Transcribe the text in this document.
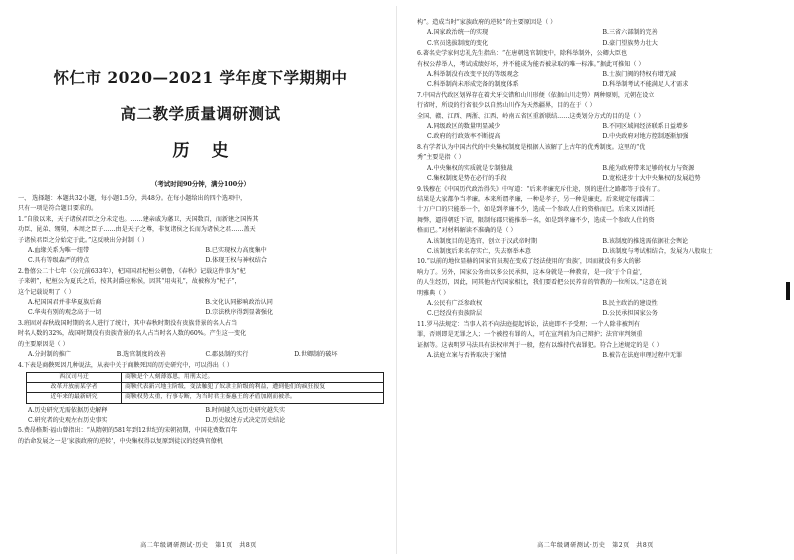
怀仁市 2020—2021 学年度下学期期中
高二教学质量调研测试
历史
（考试时间90分钟，满分100分）

一、 选择题：本题共32小题，每小题1.5分，共48分。在每小题给出的四个选项中，

只有一项是符合题目要求的。

1.“自殷以来，天子诸侯君臣之分未定也。……建亲戚为藩卫，天国数百，而新建之国皆其

功臣、昆弟、甥舅，本周之臣子……由是天子之尊，非复诸侯之长而为诸侯之君……盖天

子诸侯君臣之分始定于此。”这反映出分封制（ ）

A.血缘关系为唯一纽带	B.已实现权力高度集中
C.具有等级森严的特点	D.体现王权与神权结合

2.鲁僖公二十七年（公元前633年），杞国国君杞桓公朝鲁，《春秋》记载这件事为“杞

子来朝”，杞桓公为夏氏之后，按其封爵应称侯，因其“用夷礼”，故被称为“杞子”，

这个记载说明了（ ）

A.杞国国君并非华夏族后裔	B.文化认同影响政治认同
C.华夷有别的观念高于一切	D.宗法秩序得到显著强化

3.班固对春秋战国时期的名人进行了统计，其中春秋时期没有贵族背景的名人占当

时名人数的32%，战国时期没有贵族背景的名人占当时名人数的60%。产生这一变化

的主要原因是（ ）

A.分封制的推广	B.选官制度的改善	C.郡县制的实行	D.世卿制的破坏

4.下表是商鞅死因几种说法，从表中关于商鞅死因的历史研究中，可以得出（ ）

西汉司马迁	商鞅是个人刻薄寡恩，用刑太过。
改革开放前某学者	商鞅代表新兴地主阶级，变法触犯了奴隶主阶级的利益，遭到他们的疯狂报复
近年来的最新研究	商鞅权势太重，行事专断，为当时君主秦惠王的矛盾加剧而被杀。
A.历史研究无需依据历史解释	B.时间越久远历史研究越失实
C.研究者的史观左右历史事实	D.历史叙述方式决定历史结论

5.费昂格斯·福山曾指出：“从隋朝的581年到12世纪的宋朝初期，中国花费数百年

的治命发展之一是‘家族政府的逆转’，中央集权得以复原到徒汉的经典官僚机

构”。造成当时“家族政府的逆转”的主要原因是（ ）

A.国家政治统一的实现	B.三省六部制的完善
C.官员选拔制度的变化	D.豪门望族势力壮大

6.著名史学家何忠礼先生指出：“在唐朝选官制度中，除科举制外，公卿大臣也

有权公荐举人，考试成绩好坏，并不能成为能否被录取的唯一标准。”据此可推知（ ）

A.科举制没有改变平民的等级观念	B.士族门阀的特权有增无减
C.科举制尚未形成完备的制度体系	D.科举制考试不能满足人才需求

7.中国古代政区划界存在着犬牙交错和山川形便（依据山川走势）两种原则，元朝在设立

行省时，所设的行省很少以自然山川作为天然疆界，目的在于（ ）

全国、赣、江西、两浙、江西、岭南五省区重新联结……这类划分方式的目的是（ ）

A.同级政区的数量明显减少	B.不同区域间经济联系日益增多
C.政府的行政效率不断提高	D.中央政府对地方控制逐渐加强

8.有学者认为中国古代的中央集权制度是根据人该解了上古年的优秀制度。这里的“优

秀”主要是指（ ）

A.中央集权的实质就是专制独裁	B.能为政府带来足够的权力与资源
C.集权制度是势在必行的手段	D.宽松进步十大中央集权的发展趋势

9.钱穆在《中国历代政治得失》中写道：“后来孝廉充斥仕途，别的进仕之路都等于没有了。

结果是大家都争当孝廉。本来所谓孝廉，一种是孝子，另一种是廉吏。后来规定每郡满二

十万户口的只能举一个，如是到孝廉不少，选成一个参政人仕的资格而已。后来又因请托

舞弊，逼得朝廷下诏，限制每郡只能推举一名，如是到孝廉不少，选成一个参政人仕的资

格而已。”对材料解读不准确的是（ ）

A.该制度目的是选官，创立于汉武帝时期	B.该制度的推选需依据社会舆论
C.该制度后来名存实亡，失去察举本意	D.该制度与考试相结合，发展为八股取士

10.“以前的地位显赫的国家官员现在变成了经法使用的‘贵族’，因而就没有多大的影

响力了。另外，国家公务由以多公民承担，这本身就是一种教育，是一段‘于个自益',

的人生经历，因此，同其他古代国家相比，我们要看把公民养育的管教的一位所以。”这意在说

明雅典（ ）

A.公民有广泛参政权	B.民主政治的建设性
C.已经没有贵族阶层	D.公民承担国家公务

11.罗马法规定：当事人若不向法庭提起诉讼，法庭即不予受理；一个人除非被判有

罪，否则即是无罪之人；一个被控有罪的人，可在宣判前为自己辩护；法官审判须重

证据等。这表明罗马法具有法权审判于一般，控有以维持代表罪犯。符合上述规定的是（ ）

A.法庭立案与否皆取决于案情	B.被告在法庭审理过程中无罪
高二年级调研测试·历史　第1页　共8页	高二年级调研测试·历史　第2页　共8页
